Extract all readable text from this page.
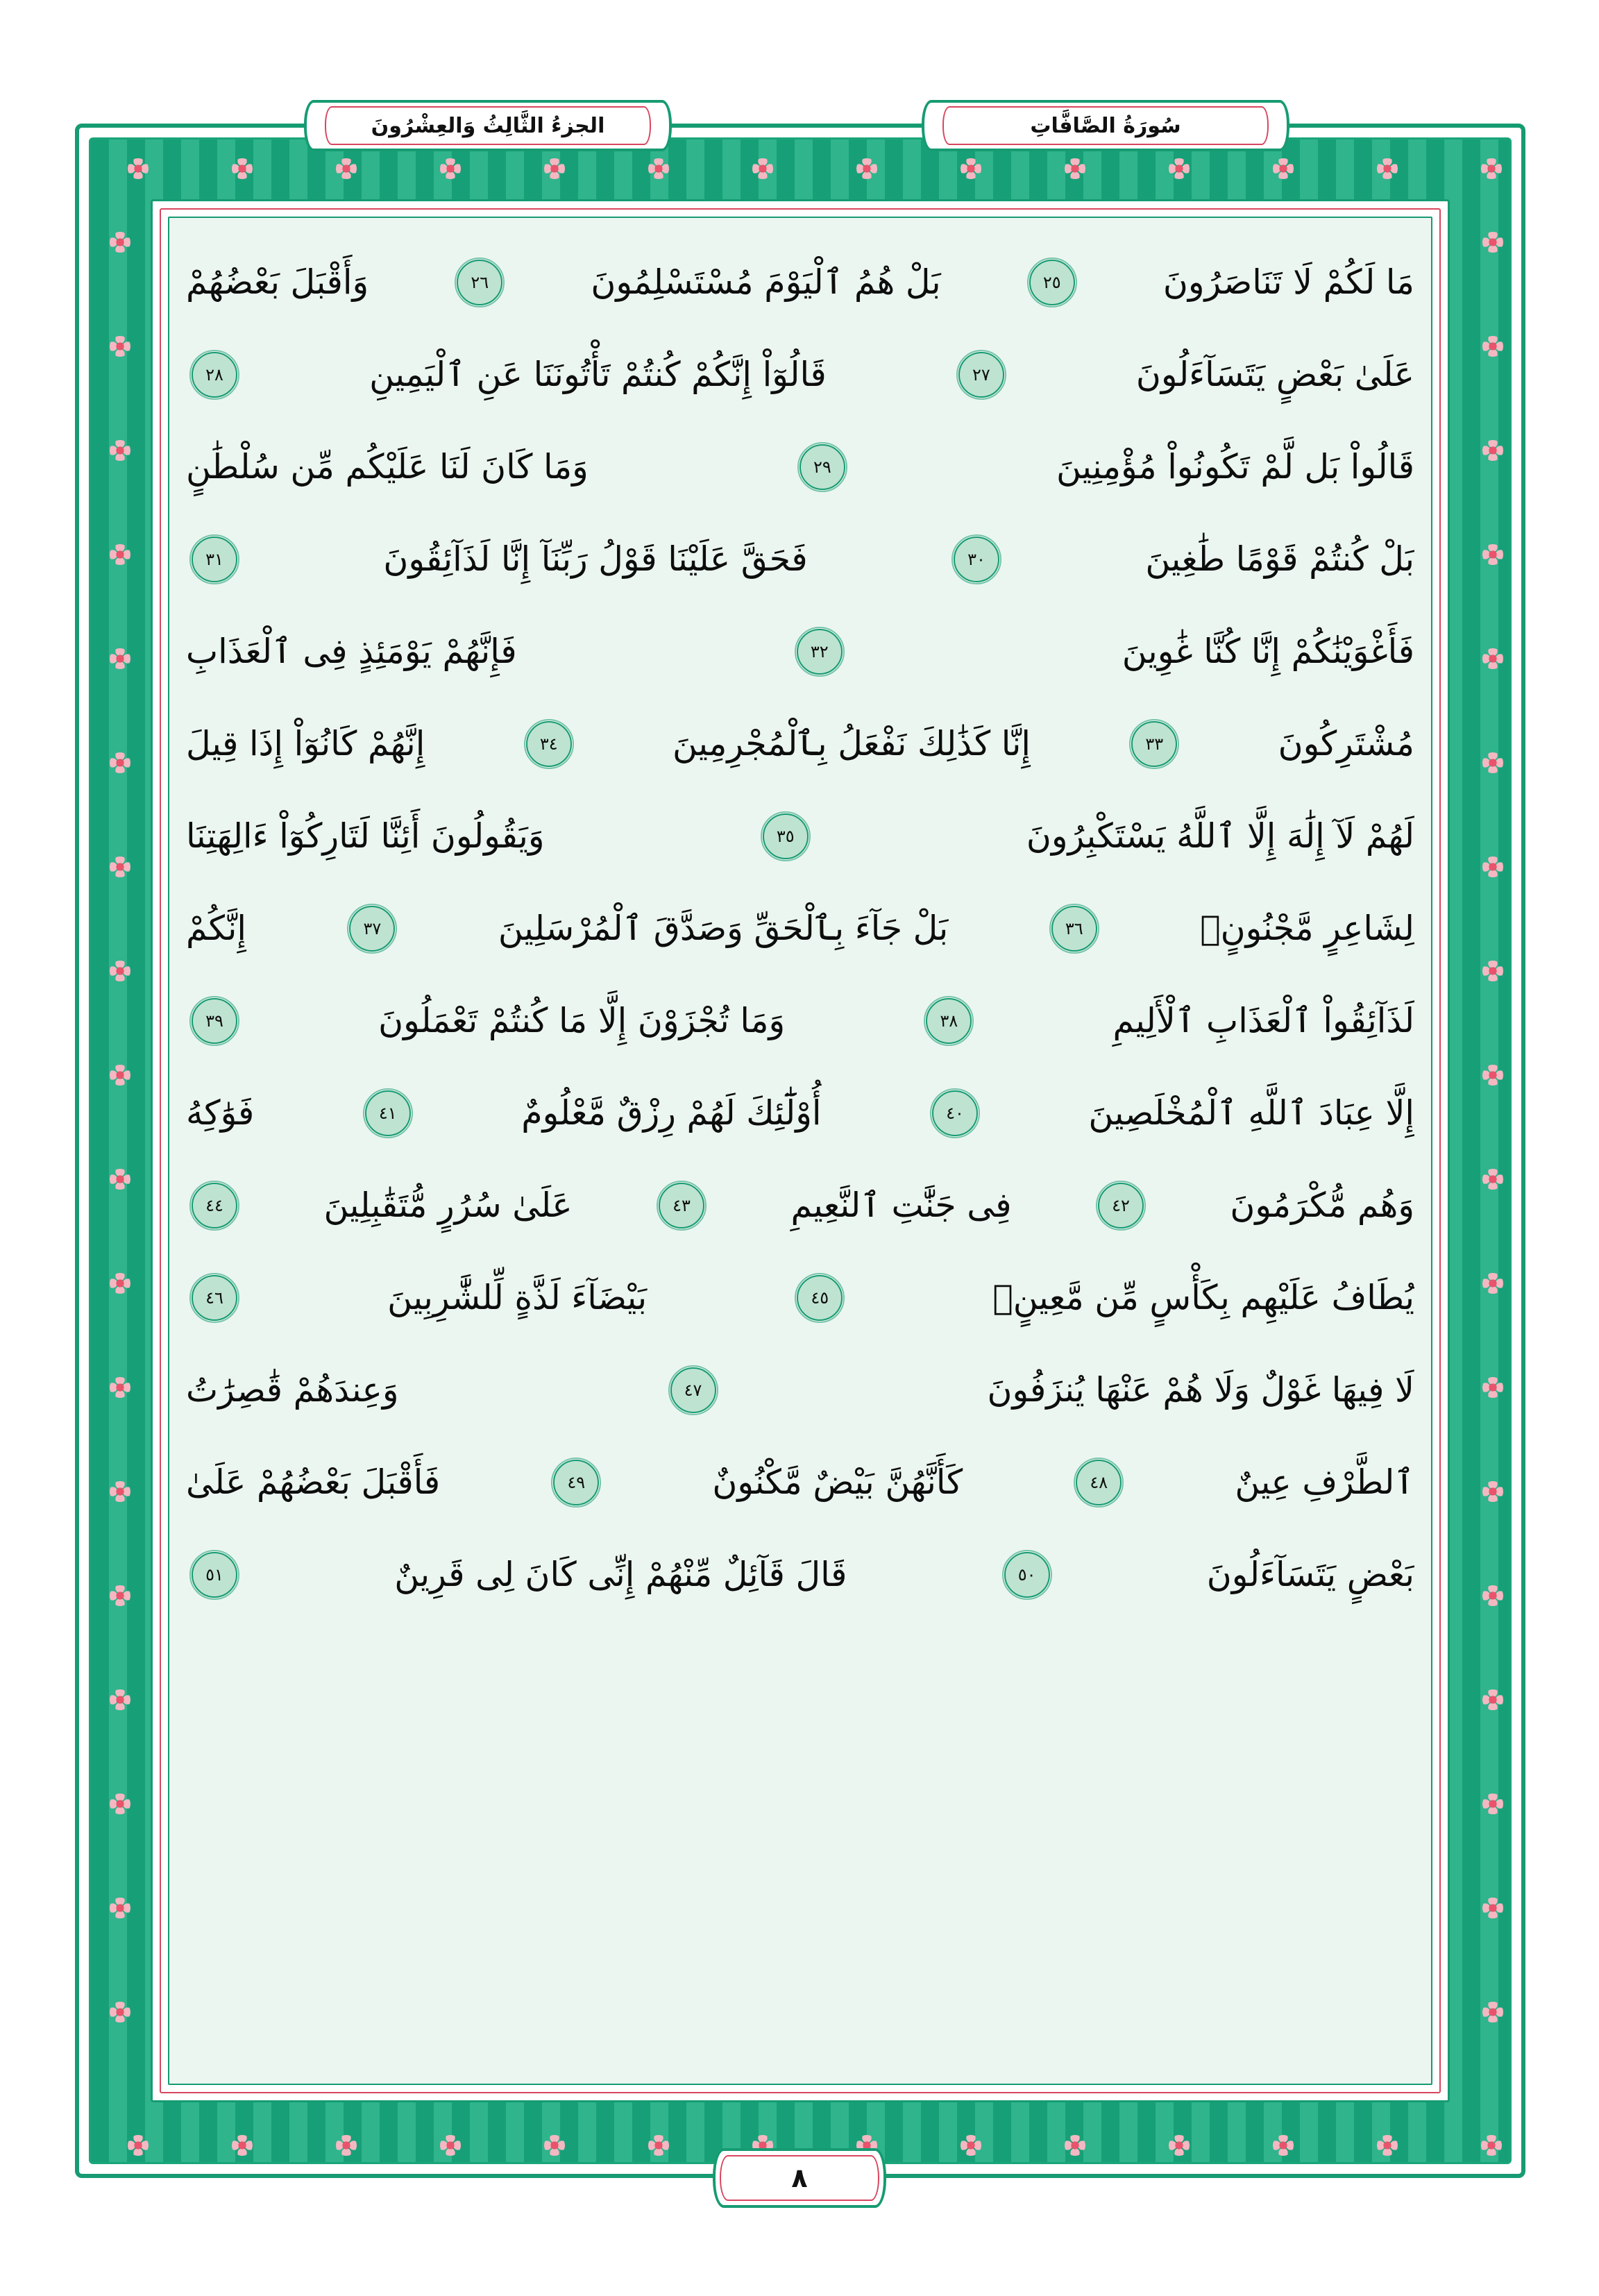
مَا لَكُمْ لَا تَنَاصَرُونَ
٢٥
بَلْ هُمُ ٱلْيَوْمَ مُسْتَسْلِمُونَ
٢٦
وَأَقْبَلَ بَعْضُهُمْ
عَلَىٰ بَعْضٍ يَتَسَآءَلُونَ
٢٧
قَالُوٓاْ إِنَّكُمْ كُنتُمْ تَأْتُونَنَا عَنِ ٱلْيَمِينِ
٢٨
قَالُواْ بَل لَّمْ تَكُونُواْ مُؤْمِنِينَ
٢٩
وَمَا كَانَ لَنَا عَلَيْكُم مِّن سُلْطَٰنٍ
بَلْ كُنتُمْ قَوْمًا طَٰغِينَ
٣٠
فَحَقَّ عَلَيْنَا قَوْلُ رَبِّنَآ إِنَّا لَذَآئِقُونَ
٣١
فَأَغْوَيْنَٰكُمْ إِنَّا كُنَّا غَٰوِينَ
٣٢
فَإِنَّهُمْ يَوْمَئِذٍ فِى ٱلْعَذَابِ
مُشْتَرِكُونَ
٣٣
إِنَّا كَذَٰلِكَ نَفْعَلُ بِٱلْمُجْرِمِينَ
٣٤
إِنَّهُمْ كَانُوٓاْ إِذَا قِيلَ
لَهُمْ لَآ إِلَٰهَ إِلَّا ٱللَّهُ يَسْتَكْبِرُونَ
٣٥
وَيَقُولُونَ أَئِنَّا لَتَارِكُوٓاْ ءَالِهَتِنَا
لِشَاعِرٍ مَّجْنُونٍۭ
٣٦
بَلْ جَآءَ بِٱلْحَقِّ وَصَدَّقَ ٱلْمُرْسَلِينَ
٣٧
إِنَّكُمْ
لَذَآئِقُواْ ٱلْعَذَابِ ٱلْأَلِيمِ
٣٨
وَمَا تُجْزَوْنَ إِلَّا مَا كُنتُمْ تَعْمَلُونَ
٣٩
إِلَّا عِبَادَ ٱللَّهِ ٱلْمُخْلَصِينَ
٤٠
أُوْلَٰٓئِكَ لَهُمْ رِزْقٌ مَّعْلُومٌ
٤١
فَوَٰكِهُ
وَهُم مُّكْرَمُونَ
٤٢
فِى جَنَّٰتِ ٱلنَّعِيمِ
٤٣
عَلَىٰ سُرُرٍ مُّتَقَٰبِلِينَ
٤٤
يُطَافُ عَلَيْهِم بِكَأْسٍ مِّن مَّعِينٍۭ
٤٥
بَيْضَآءَ لَذَّةٍ لِّلشَّٰرِبِينَ
٤٦
لَا فِيهَا غَوْلٌ وَلَا هُمْ عَنْهَا يُنزَفُونَ
٤٧
وَعِندَهُمْ قَٰصِرَٰتُ
ٱلطَّرْفِ عِينٌ
٤٨
كَأَنَّهُنَّ بَيْضٌ مَّكْنُونٌ
٤٩
فَأَقْبَلَ بَعْضُهُمْ عَلَىٰ
بَعْضٍ يَتَسَآءَلُونَ
٥٠
قَالَ قَآئِلٌ مِّنْهُمْ إِنِّى كَانَ لِى قَرِينٌ
٥١
الجزءُ الثَّالِثُ وَالعِشْرُونَ	سُورَةُ الصَّافَّاتِ
٨
